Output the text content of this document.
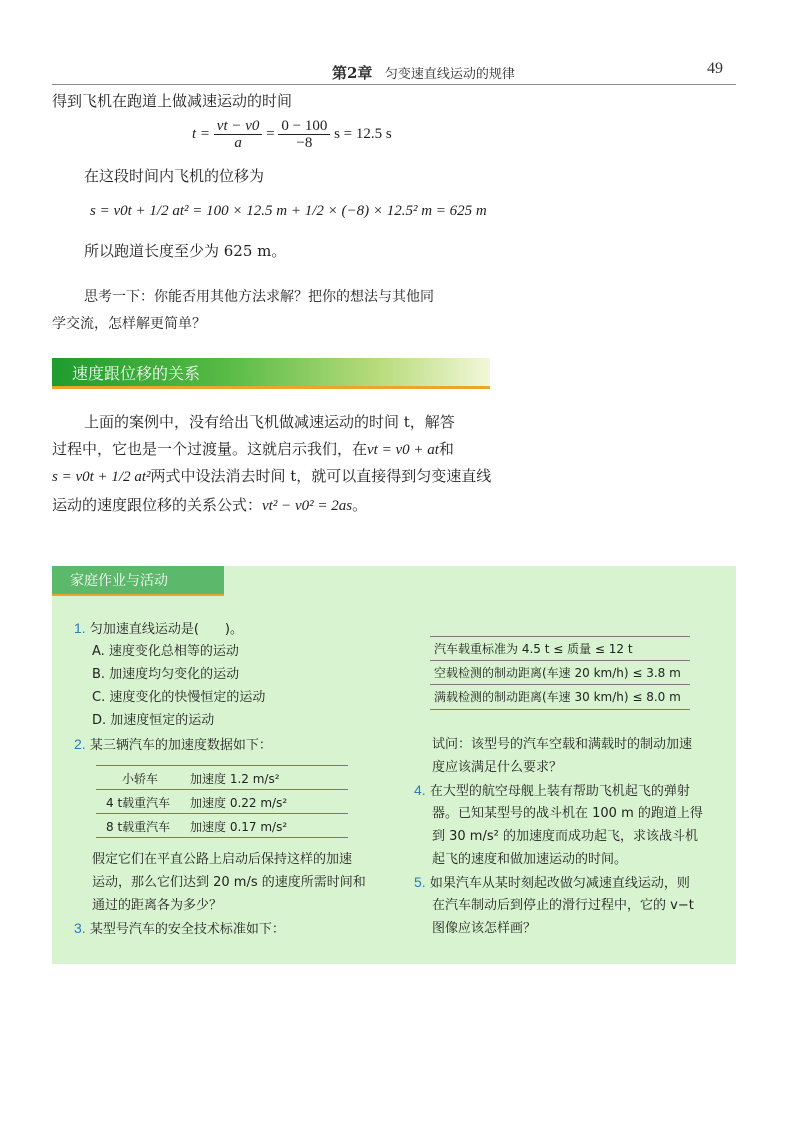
第2章 匀变速直线运动的规律	49
得到飞机在跑道上做减速运动的时间
$t = \frac{vt - v0}{a} = \frac{0 - 100}{-8}$ s = 12.5 s
在这段时间内飞机的位移为
s = v0t + 1/2 at² = 100 × 12.5 m + 1/2 × (−8) × 12.5² m = 625 m
所以跑道长度至少为 625 m。
思考一下：你能否用其他方法求解？把你的想法与其他同
学交流，怎样解更简单？
速度跟位移的关系
上面的案例中，没有给出飞机做减速运动的时间 t，解答
过程中，它也是一个过渡量。这就启示我们，在vt = v0 + at和
s = v0t + 1/2 at²两式中设法消去时间 t，就可以直接得到匀变速直线
运动的速度跟位移的关系公式：vt² − v0² = 2as。
家庭作业与活动
1. 匀加速直线运动是(　　)。
A. 速度变化总相等的运动
B. 加速度均匀变化的运动
C. 速度变化的快慢恒定的运动
D. 加速度恒定的运动
2. 某三辆汽车的加速度数据如下：
小轿车	加速度 1.2 m/s²
4 t载重汽车 加速度 0.22 m/s²
8 t载重汽车 加速度 0.17 m/s²
假定它们在平直公路上启动后保持这样的加速
运动，那么它们达到 20 m/s 的速度所需时间和
通过的距离各为多少？
3. 某型号汽车的安全技术标准如下：
汽车载重标准为 4.5 t ≤ 质量 ≤ 12 t
空载检测的制动距离(车速 20 km/h) ≤ 3.8 m
满载检测的制动距离(车速 30 km/h) ≤ 8.0 m
试问：该型号的汽车空载和满载时的制动加速
度应该满足什么要求？
4. 在大型的航空母舰上装有帮助飞机起飞的弹射
器。已知某型号的战斗机在 100 m 的跑道上得
到 30 m/s² 的加速度而成功起飞，求该战斗机
起飞的速度和做加速运动的时间。
5. 如果汽车从某时刻起改做匀减速直线运动，则
在汽车制动后到停止的滑行过程中，它的 v−t
图像应该怎样画？
